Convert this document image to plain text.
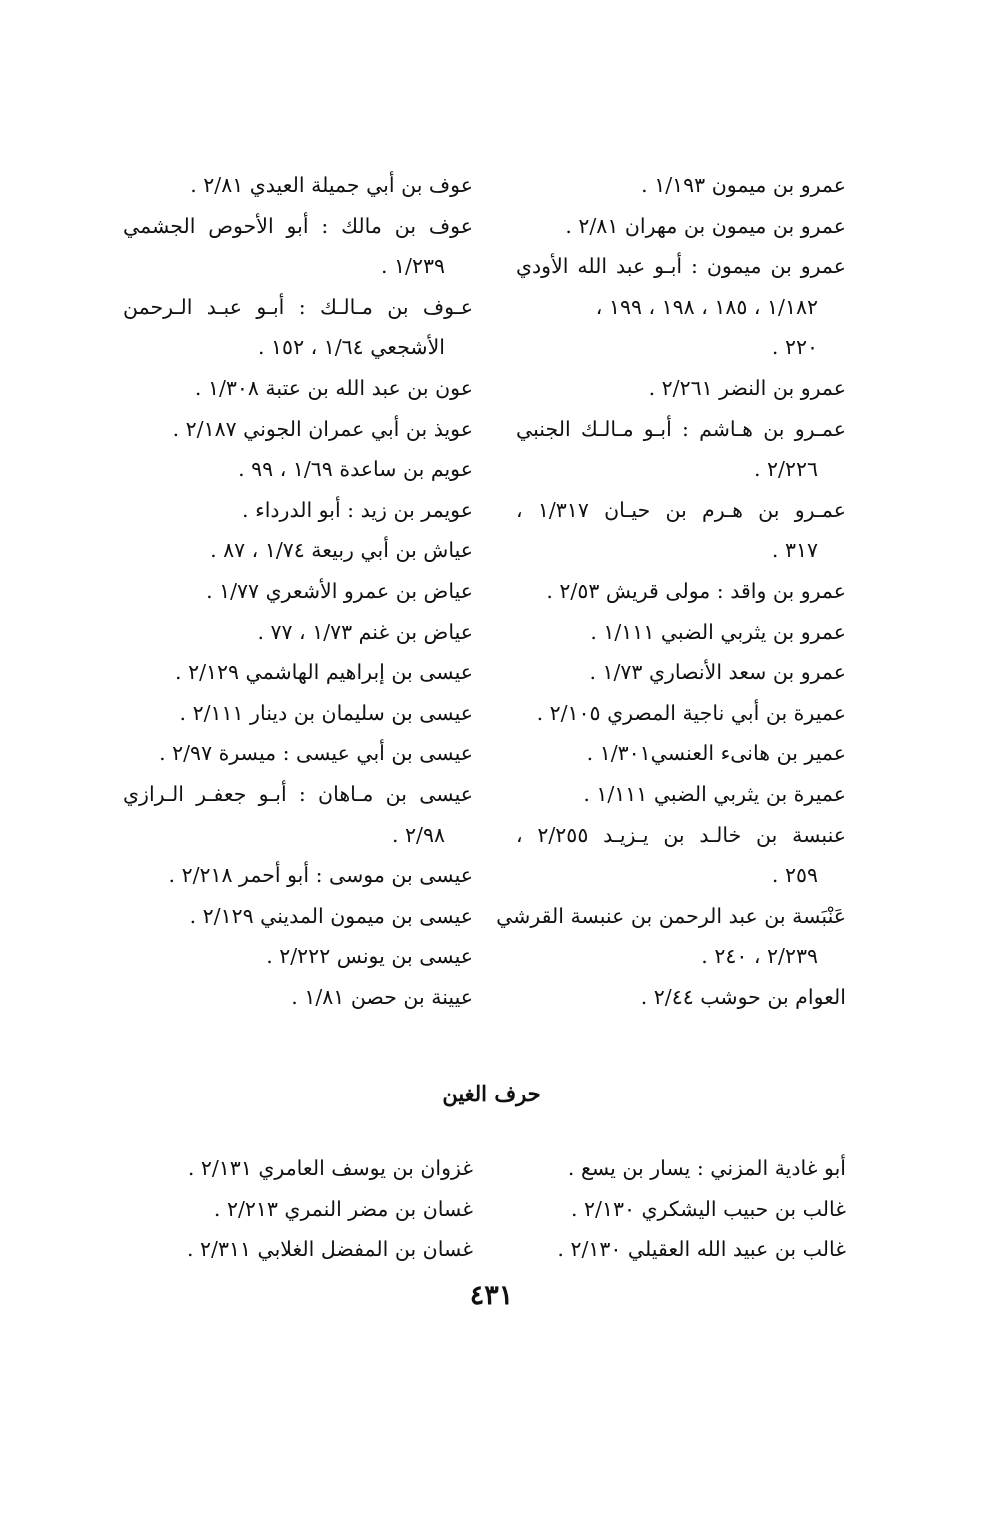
عمرو بن ميمون ١/١٩٣ .
عمرو بن ميمون بن مهران ٢/٨١ .
عمرو بن ميمون : أبـو عبد الله الأودي
١/١٨٢ ، ١٨٥ ، ١٩٨ ، ١٩٩ ،
٢٢٠ .
عمرو بن النضر ٢/٢٦١ .
عمـرو بن هـاشم : أبـو مـالـك الجنبي
٢/٢٢٦ .
عمـرو بن هـرم بن حيـان ١/٣١٧ ،
٣١٧ .
عمرو بن واقد : مولى قريش ٢/٥٣ .
عمرو بن يثربي الضبي ١/١١١ .
عمرو بن سعد الأنصاري ١/٧٣ .
عميرة بن أبي ناجية المصري ٢/١٠٥ .
عمير بن هانىء العنسي١/٣٠١ .
عميرة بن يثربي الضبي ١/١١١ .
عنبسة بن خالـد بن يـزيـد ٢/٢٥٥ ،
٢٥٩ .
عَنْبَسة بن عبد الرحمن بن عنبسة القرشي
٢/٢٣٩ ، ٢٤٠ .
العوام بن حوشب ٢/٤٤ .
عوف بن أبي جميلة العيدي ٢/٨١ .
عوف بن مالك : أبو الأحوص الجشمي
١/٢٣٩ .
عـوف بن مـالـك : أبـو عبـد الـرحمن
الأشجعي ١/٦٤ ، ١٥٢ .
عون بن عبد الله بن عتبة ١/٣٠٨ .
عويذ بن أبي عمران الجوني ٢/١٨٧ .
عويم بن ساعدة ١/٦٩ ، ٩٩ .
عويمر بن زيد : أبو الدرداء .
عياش بن أبي ربيعة ١/٧٤ ، ٨٧ .
عياض بن عمرو الأشعري ١/٧٧ .
عياض بن غنم ١/٧٣ ، ٧٧ .
عيسى بن إبراهيم الهاشمي ٢/١٢٩ .
عيسى بن سليمان بن دينار ٢/١١١ .
عيسى بن أبي عيسى : ميسرة ٢/٩٧ .
عيسى بن مـاهان : أبـو جعفـر الـرازي
٢/٩٨ .
عيسى بن موسى : أبو أحمر ٢/٢١٨ .
عيسى بن ميمون المديني ٢/١٢٩ .
عيسى بن يونس ٢/٢٢٢ .
عيينة بن حصن ١/٨١ .
حرف الغين
أبو غادية المزني : يسار بن يسع .
غالب بن حبيب اليشكري ٢/١٣٠ .
غالب بن عبيد الله العقيلي ٢/١٣٠ .
غزوان بن يوسف العامري ٢/١٣١ .
غسان بن مضر النمري ٢/٢١٣ .
غسان بن المفضل الغلابي ٢/٣١١ .
٤٣١
